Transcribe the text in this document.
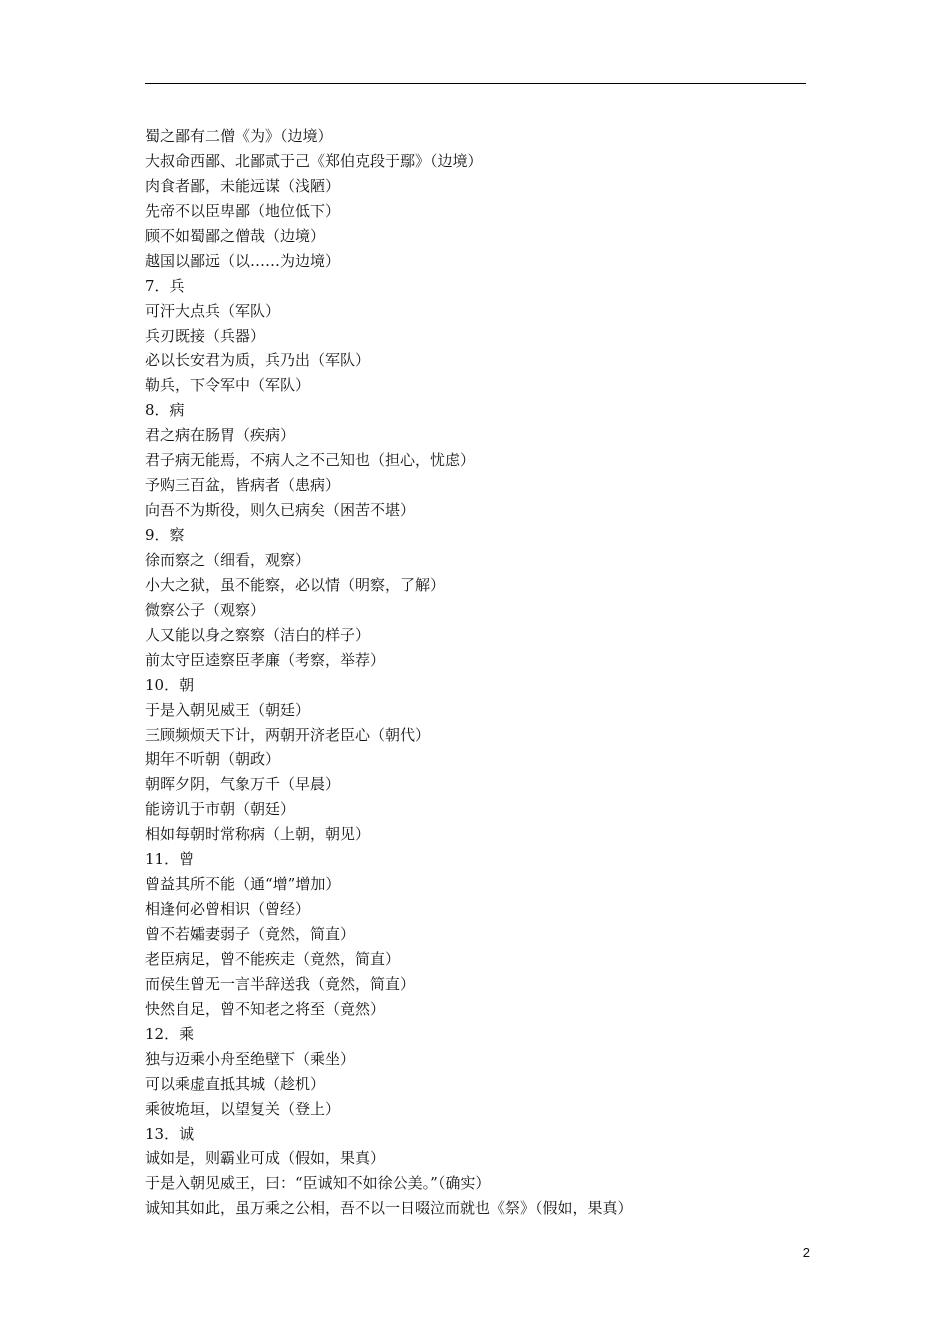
蜀之鄙有二僧《为》（边境）
大叔命西鄙、北鄙贰于己《郑伯克段于鄢》（边境）
肉食者鄙，未能远谋（浅陋）
先帝不以臣卑鄙（地位低下）
顾不如蜀鄙之僧哉（边境）
越国以鄙远（以……为边境）
7．兵
可汗大点兵（军队）
兵刃既接（兵器）
必以长安君为质，兵乃出（军队）
勒兵，下令军中（军队）
8．病
君之病在肠胃（疾病）
君子病无能焉，不病人之不己知也（担心，忧虑）
予购三百盆，皆病者（患病）
向吾不为斯役，则久已病矣（困苦不堪）
9．察
徐而察之（细看，观察）
小大之狱，虽不能察，必以情（明察，了解）
微察公子（观察）
人又能以身之察察（洁白的样子）
前太守臣逵察臣孝廉（考察，举荐）
10．朝
于是入朝见威王（朝廷）
三顾频烦天下计，两朝开济老臣心（朝代）
期年不听朝（朝政）
朝晖夕阴，气象万千（早晨）
能谤讥于市朝（朝廷）
相如每朝时常称病（上朝，朝见）
11．曾
曾益其所不能（通“增”增加）
相逢何必曾相识（曾经）
曾不若孀妻弱子（竟然，简直）
老臣病足，曾不能疾走（竟然，简直）
而侯生曾无一言半辞送我（竟然，简直）
快然自足，曾不知老之将至（竟然）
12．乘
独与迈乘小舟至绝壁下（乘坐）
可以乘虚直抵其城（趁机）
乘彼垝垣，以望复关（登上）
13．诚
诚如是，则霸业可成（假如，果真）
于是入朝见威王，曰：“臣诚知不如徐公美。”（确实）
诚知其如此，虽万乘之公相，吾不以一日啜泣而就也《祭》（假如，果真）
2
